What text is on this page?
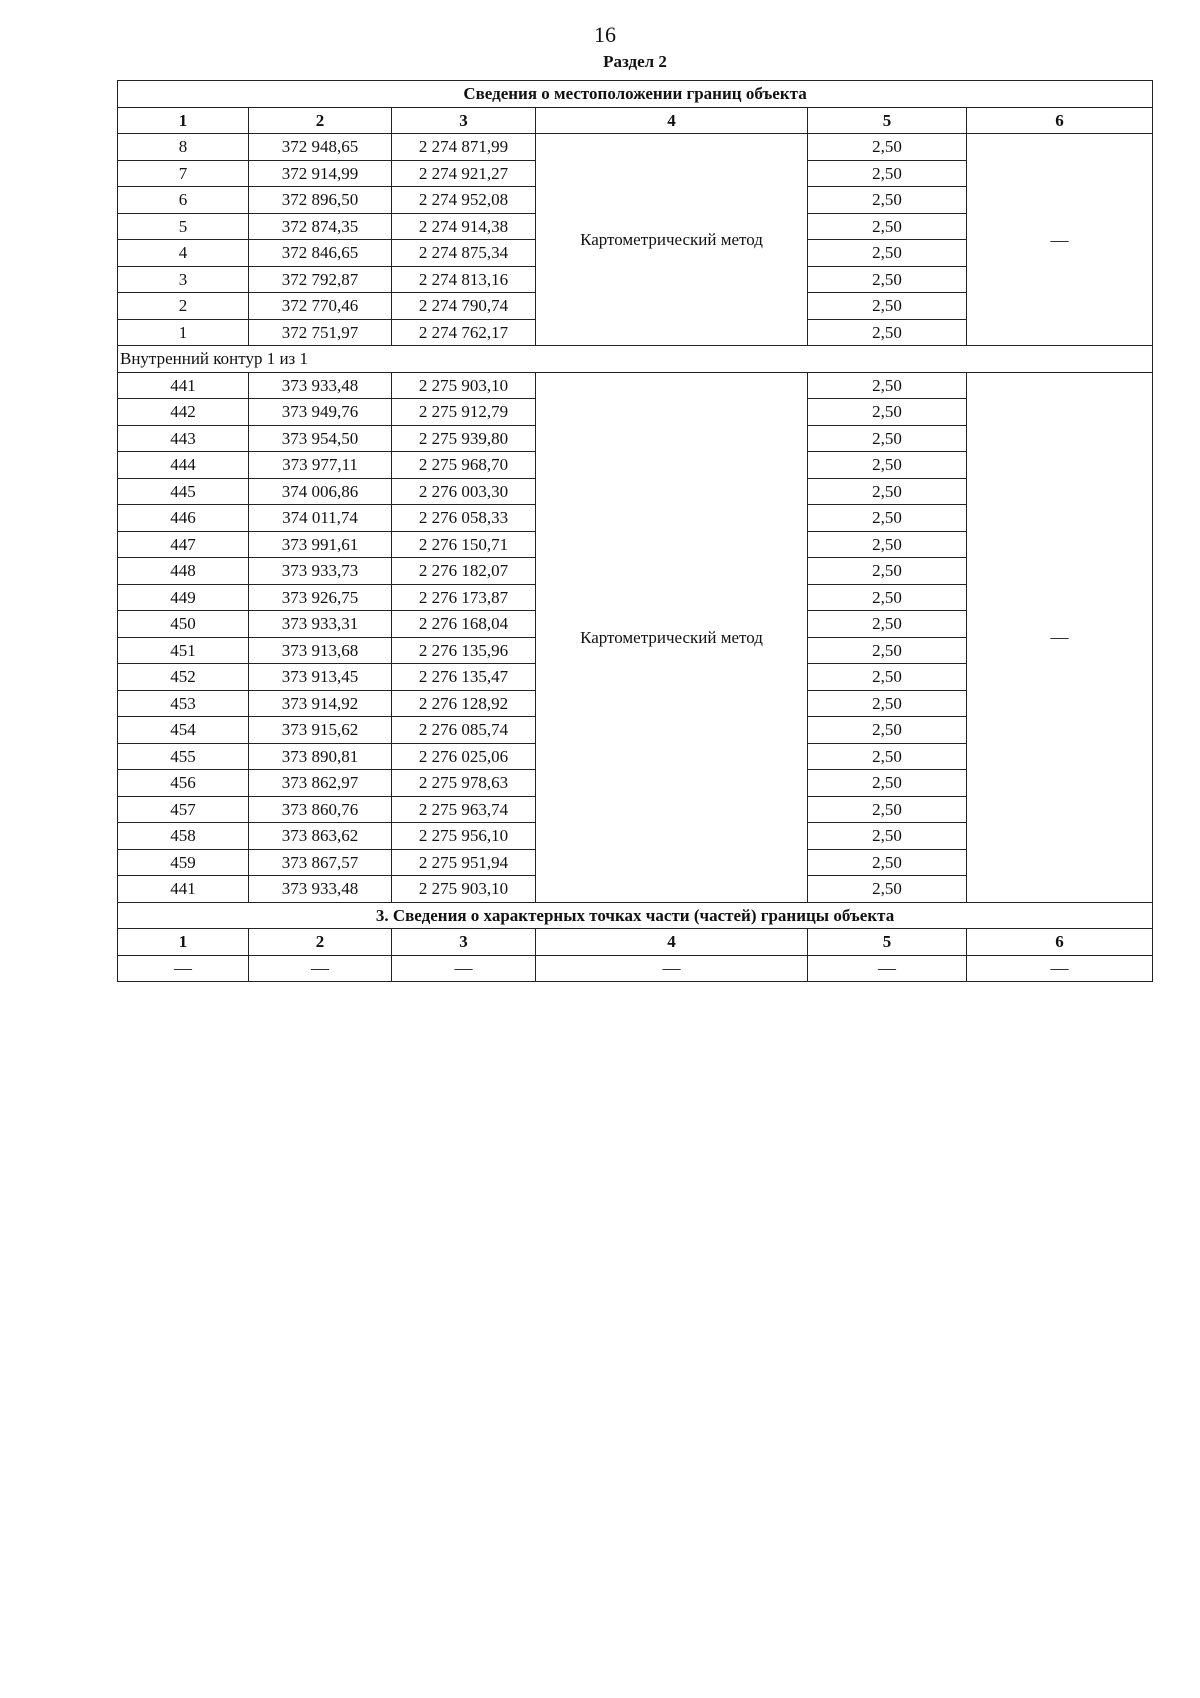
16
Раздел 2
Сведения о местоположении границ объекта					
1	2	3	4	5	6
8	372 948,65	2 274 871,99	Картометрический метод	2,50	—
7	372 914,99	2 274 921,27		2,50	
6	372 896,50	2 274 952,08		2,50	
5	372 874,35	2 274 914,38		2,50	
4	372 846,65	2 274 875,34		2,50	
3	372 792,87	2 274 813,16		2,50	
2	372 770,46	2 274 790,74		2,50	
1	372 751,97	2 274 762,17		2,50	
Внутренний контур 1 из 1					
441	373 933,48	2 275 903,10	Картометрический метод	2,50	—
442	373 949,76	2 275 912,79		2,50	
443	373 954,50	2 275 939,80		2,50	
444	373 977,11	2 275 968,70		2,50	
445	374 006,86	2 276 003,30		2,50	
446	374 011,74	2 276 058,33		2,50	
447	373 991,61	2 276 150,71		2,50	
448	373 933,73	2 276 182,07		2,50	
449	373 926,75	2 276 173,87		2,50	
450	373 933,31	2 276 168,04		2,50	
451	373 913,68	2 276 135,96		2,50	
452	373 913,45	2 276 135,47		2,50	
453	373 914,92	2 276 128,92		2,50	
454	373 915,62	2 276 085,74		2,50	
455	373 890,81	2 276 025,06		2,50	
456	373 862,97	2 275 978,63		2,50	
457	373 860,76	2 275 963,74		2,50	
458	373 863,62	2 275 956,10		2,50	
459	373 867,57	2 275 951,94		2,50	
441	373 933,48	2 275 903,10		2,50	
3. Сведения о характерных точках части (частей) границы объекта					
1	2	3	4	5	6
—	—	—	—	—	—
